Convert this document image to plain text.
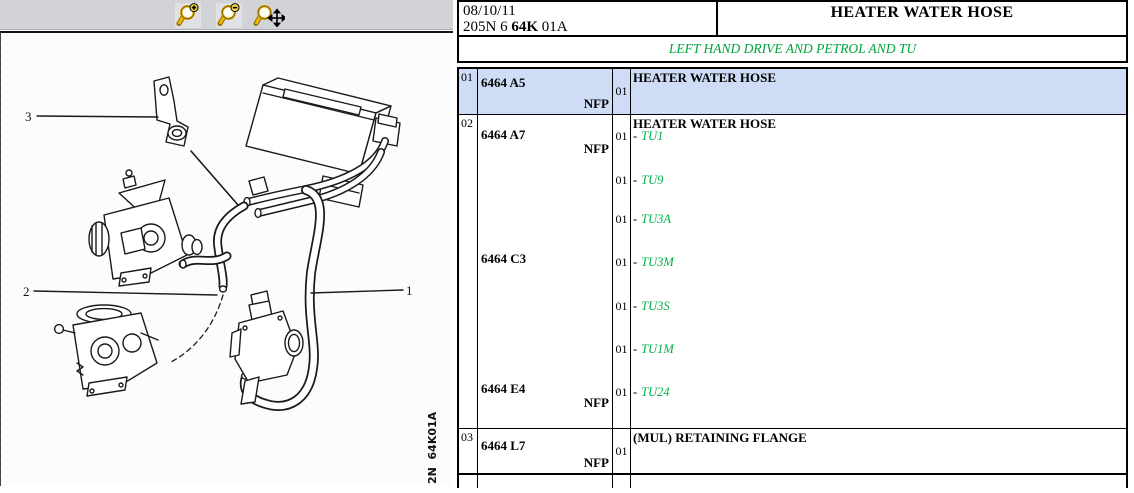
3
2	1
2N  64K01A
08/10/11
205N 6 64K 01A
HEATER WATER HOSE
LEFT HAND DRIVE AND PETROL AND TU
01 6464 A5
NFP
01
HEATER WATER HOSE
02
6464 A7
NFP
6464 C3
6464 E4
NFP
01
01
01
01
01
01
01
HEATER WATER HOSE
- TU1
- TU9
- TU3A
- TU3M
- TU3S
- TU1M
- TU24
03
6464 L7
NFP
01
(MUL) RETAINING FLANGE
